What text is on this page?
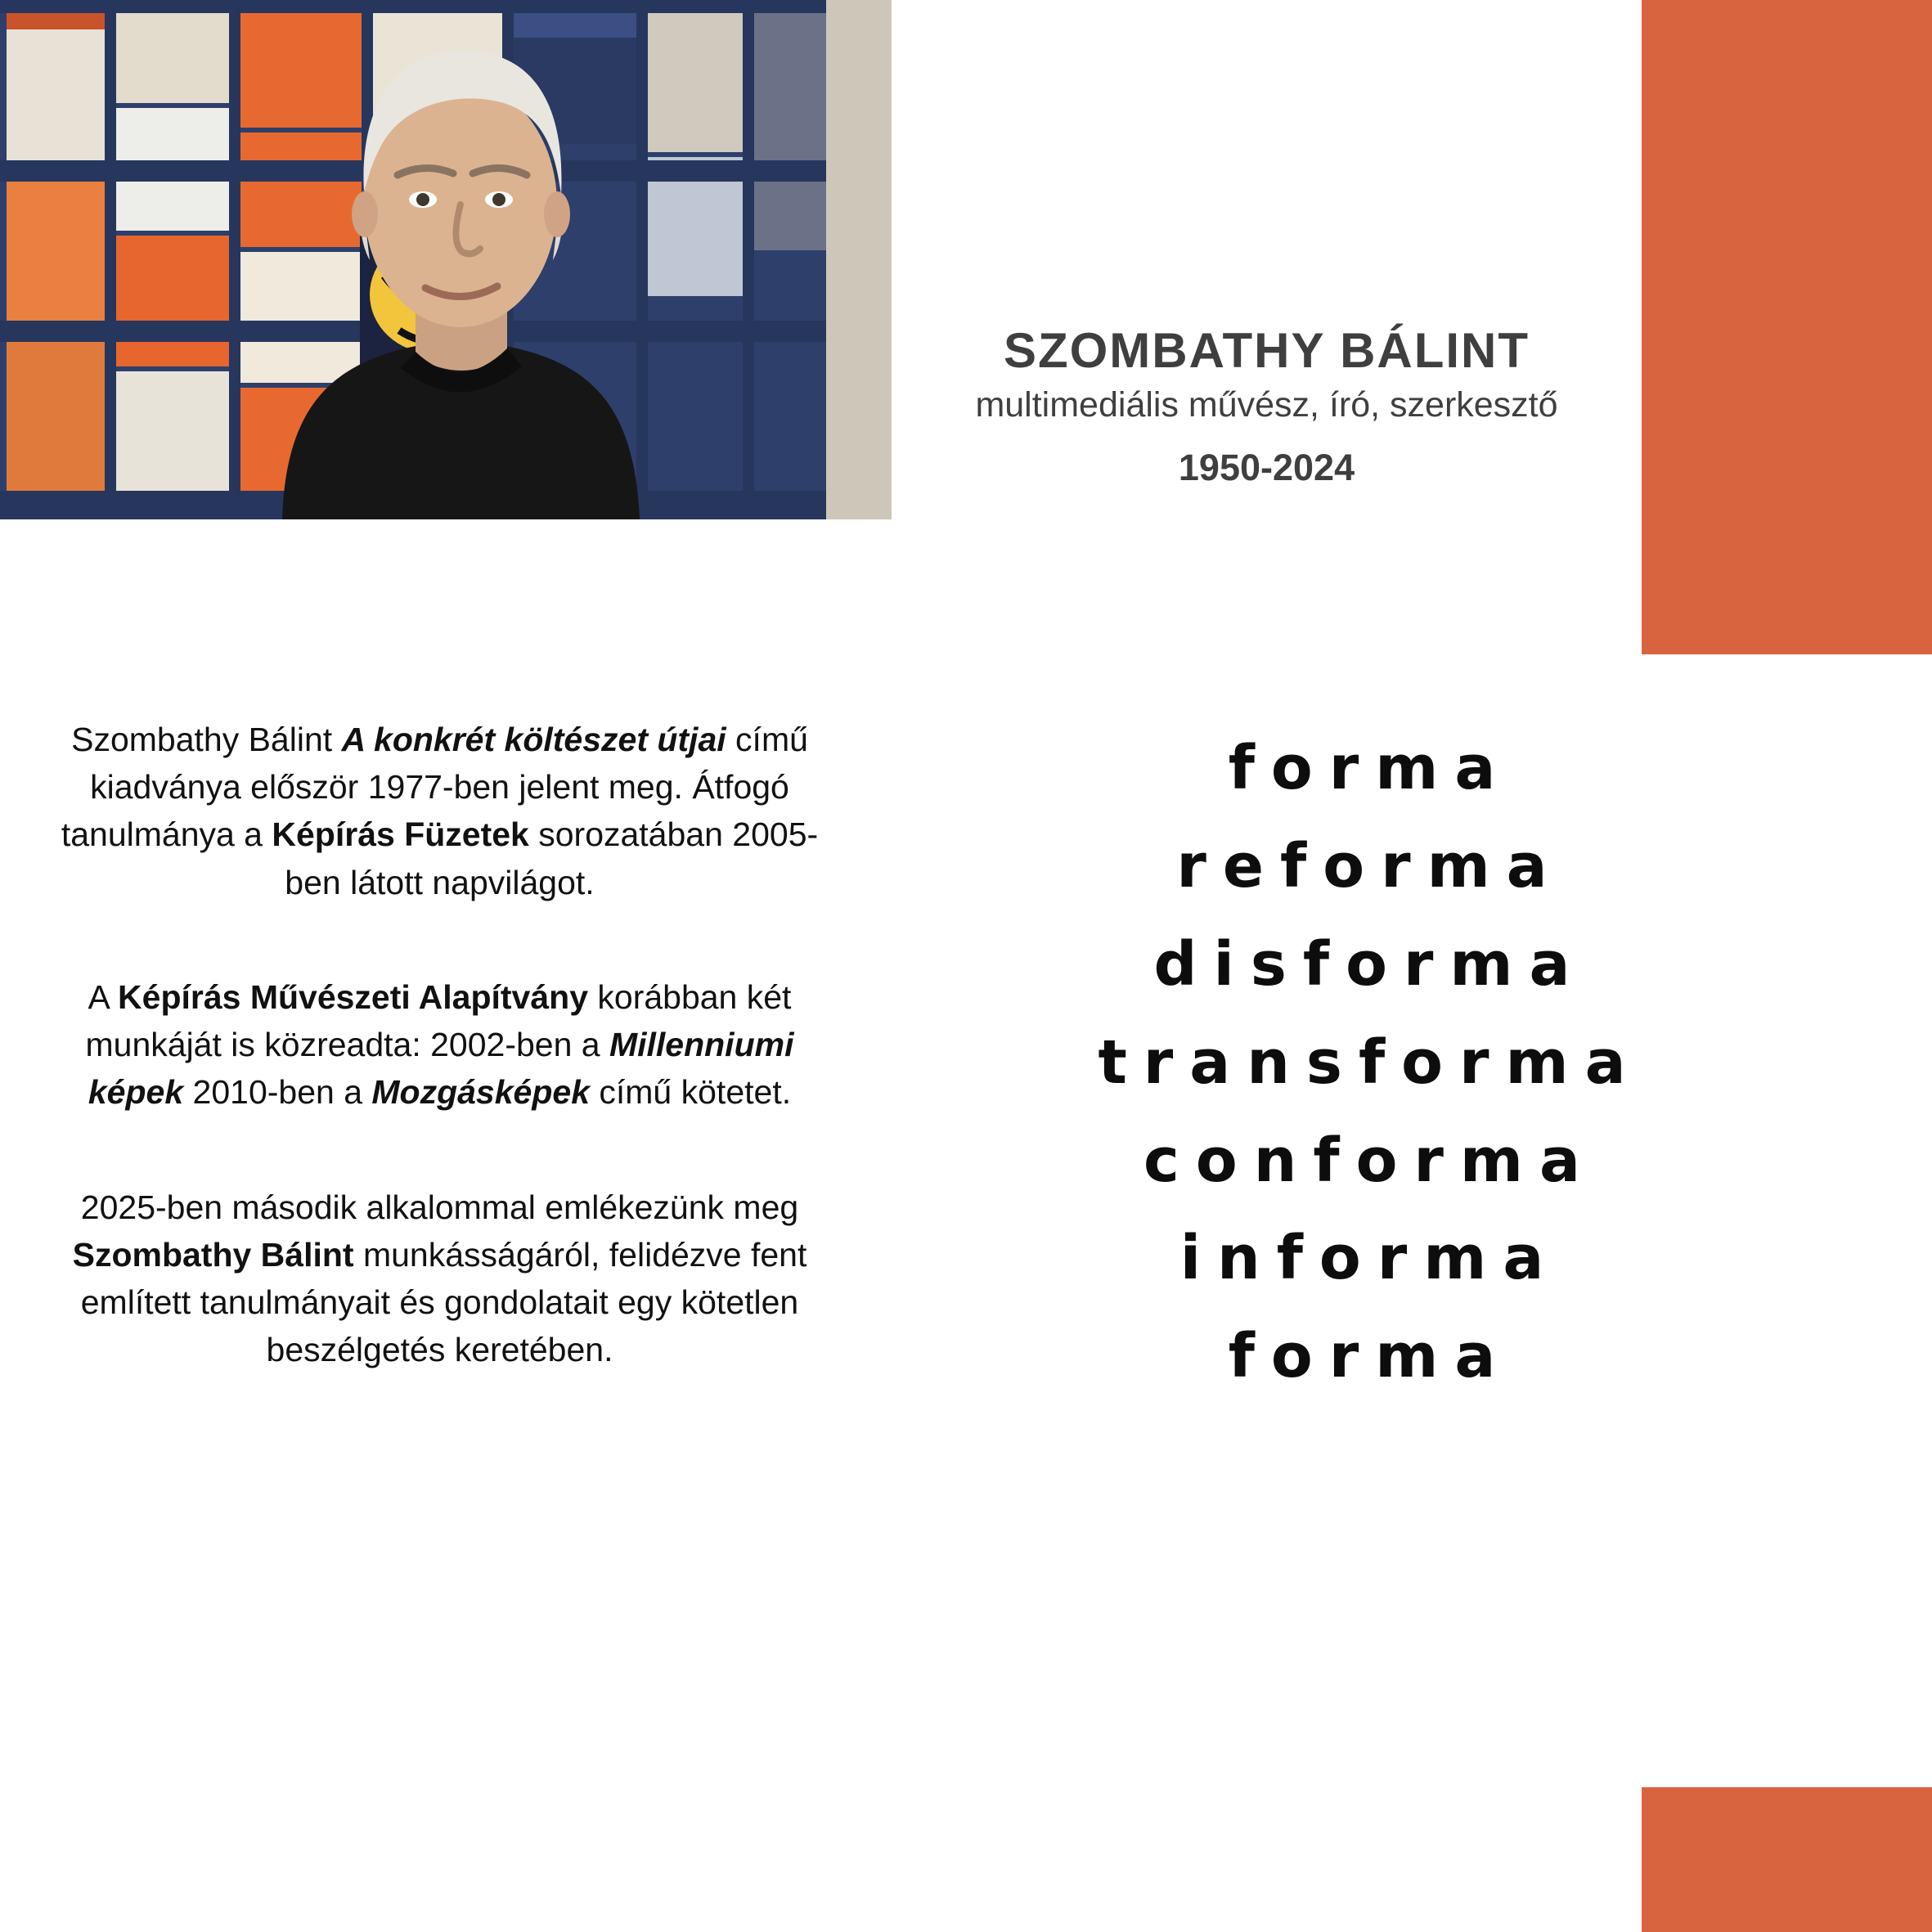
SZOMBATHY BÁLINT

multimediális művész, író, szerkesztő

1950-2024

Szombathy Bálint A konkrét költészet útjai című kiadványa először 1977-ben jelent meg. Átfogó tanulmánya a Képírás Füzetek sorozatában 2005-ben látott napvilágot.

A Képírás Művészeti Alapítvány korábban két munkáját is közreadta: 2002-ben a Millenniumi képek 2010-ben a Mozgásképek című kötetet.

2025-ben második alkalommal emlékezünk meg Szombathy Bálint munkásságáról, felidézve fent említett tanulmányait és gondolatait egy kötetlen beszélgetés keretében.

forma
reforma
disforma
transforma
conforma
informa
forma
